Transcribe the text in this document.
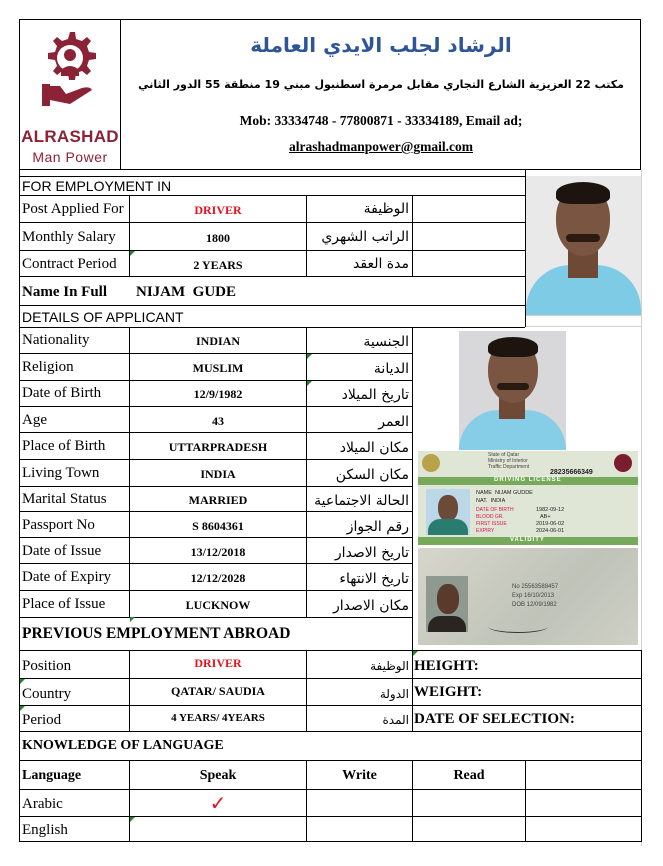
ALRASHAD
Man Power
الرشاد لجلب الايدي العاملة
مكتب 22 العزيزية الشارع التجاري مقابل مرمرة اسطنبول مبني 19 منطقة 55 الدور الثاني
Mob: 33334748 - 77800871 - 33334189, Email ad;
alrashadmanpower@gmail.com
FOR EMPLOYMENT IN
Post Applied For	DRIVER	الوظيفة
Monthly Salary	1800	الراتب الشهري
Contract Period	2 YEARS	مدة العقد
Name In Full NIJAM  GUDE
DETAILS OF APPLICANT
Nationality	INDIAN	الجنسية
Religion	MUSLIM	الديانة
Date of Birth	12/9/1982	تاريخ الميلاد
Age	43	العمر
Place of Birth	UTTARPRADESH	مكان الميلاد
Living Town	INDIA	مكان السكن
Marital Status	MARRIED	الحالة الاجتماعية
Passport No	S 8604361	رقم الجواز
Date of Issue	13/12/2018	تاريخ الاصدار
Date of Expiry	12/12/2028	تاريخ الانتهاء
Place of Issue	LUCKNOW	مكان الاصدار
State of Qatar
Ministry of Interior
Traffic Department
28235666349
DRIVING LICENSE
NAME  NIJAM GUDDE
NAT.  INDIA
DATE OF BIRTH	1982-09-12
BLOOD GR.	AB+
FIRST ISSUE	2019-06-02
EXPIRY	2024-06-01
VALIDITY
No 25563588457
Exp 16/10/2013
DOB 12/09/1982
PREVIOUS EMPLOYMENT ABROAD
Position	DRIVER	الوظيفة HEIGHT:
Country	QATAR/ SAUDIA	الدولة WEIGHT:
Period	4 YEARS/ 4YEARS	المدة DATE OF SELECTION:
KNOWLEDGE OF LANGUAGE
Language	Speak	Write	Read
Arabic	✓
English
